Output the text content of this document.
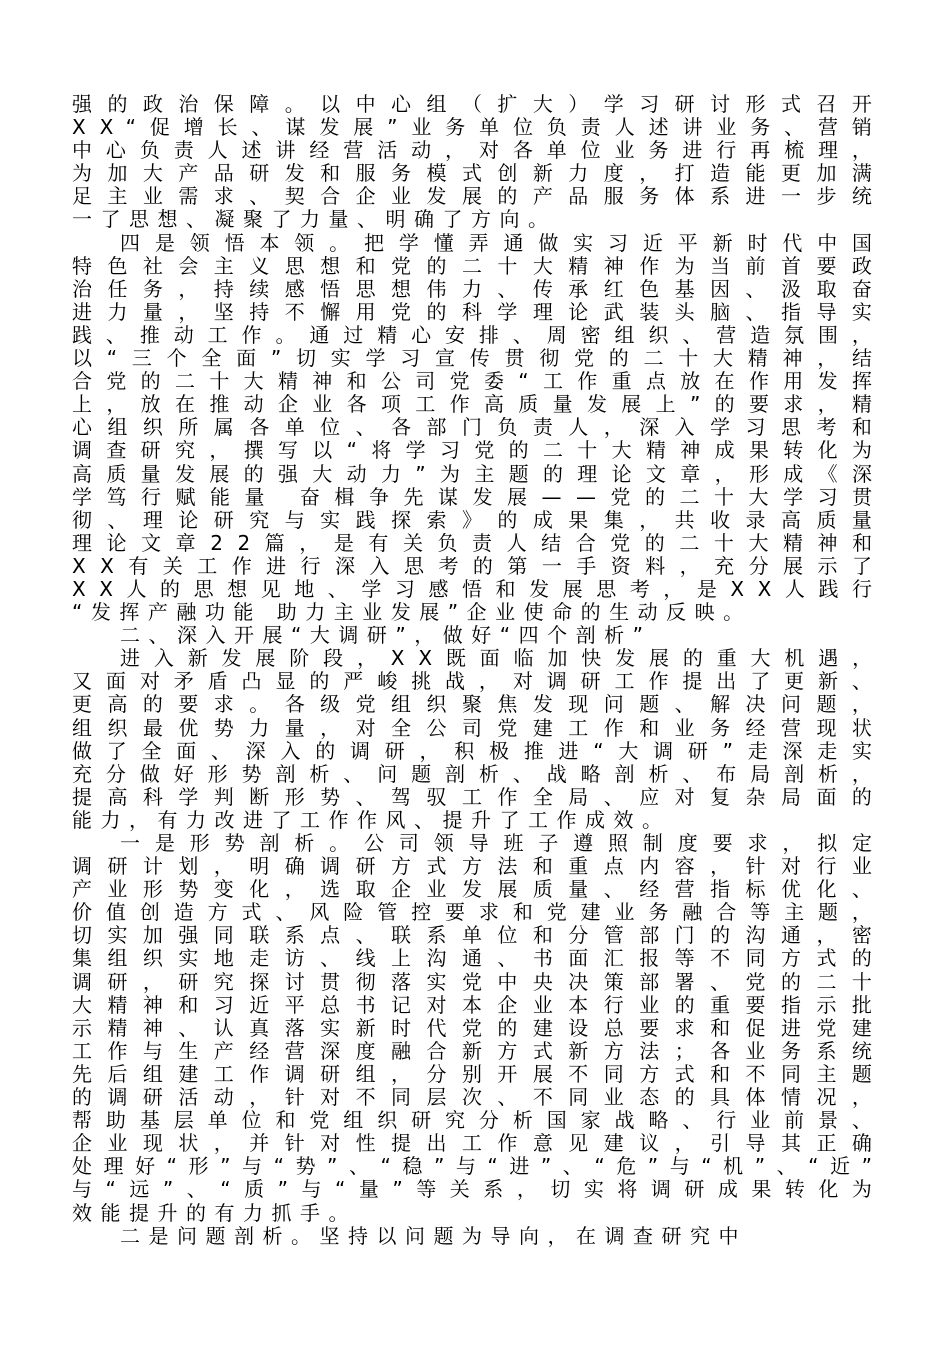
强的政治保障。以中心组（扩大）学习研讨形式召开
XX“促增长、谋发展”业务单位负责人述讲业务、营销
中心负责人述讲经营活动，对各单位业务进行再梳理，
为加大产品研发和服务模式创新力度，打造能更加满
足主业需求、契合企业发展的产品服务体系进一步统
一了思想、凝聚了力量、明确了方向。
四是领悟本领。把学懂弄通做实习近平新时代中国
特色社会主义思想和党的二十大精神作为当前首要政
治任务，持续感悟思想伟力、传承红色基因、汲取奋
进力量，坚持不懈用党的科学理论武装头脑、指导实
践、推动工作。通过精心安排、周密组织、营造氛围，
以“三个全面”切实学习宣传贯彻党的二十大精神，结
合党的二十大精神和公司党委“工作重点放在作用发挥
上，放在推动企业各项工作高质量发展上”的要求，精
心组织所属各单位、各部门负责人，深入学习思考和
调查研究，撰写以“将学习党的二十大精神成果转化为
高质量发展的强大动力”为主题的理论文章，形成《深
学笃行赋能量 奋楫争先谋发展——党的二十大学习贯
彻、理论研究与实践探索》的成果集，共收录高质量
理论文章22篇，是有关负责人结合党的二十大精神和
XX有关工作进行深入思考的第一手资料，充分展示了
XX人的思想见地、学习感悟和发展思考，是XX人践行
“发挥产融功能 助力主业发展”企业使命的生动反映。
二、深入开展“大调研”，做好“四个剖析”
进入新发展阶段，XX既面临加快发展的重大机遇，
又面对矛盾凸显的严峻挑战，对调研工作提出了更新、
更高的要求。各级党组织聚焦发现问题、解决问题，
组织最优势力量，对全公司党建工作和业务经营现状
做了全面、深入的调研，积极推进“大调研”走深走实
充分做好形势剖析、问题剖析、战略剖析、布局剖析，
提高科学判断形势、驾驭工作全局、应对复杂局面的
能力，有力改进了工作作风、提升了工作成效。
一是形势剖析。公司领导班子遵照制度要求，拟定
调研计划，明确调研方式方法和重点内容，针对行业
产业形势变化，选取企业发展质量、经营指标优化、
价值创造方式、风险管控要求和党建业务融合等主题，
切实加强同联系点、联系单位和分管部门的沟通，密
集组织实地走访、线上沟通、书面汇报等不同方式的
调研，研究探讨贯彻落实党中央决策部署、党的二十
大精神和习近平总书记对本企业本行业的重要指示批
示精神、认真落实新时代党的建设总要求和促进党建
工作与生产经营深度融合新方式新方法；各业务系统
先后组建工作调研组，分别开展不同方式和不同主题
的调研活动，针对不同层次、不同业态的具体情况，
帮助基层单位和党组织研究分析国家战略、行业前景、
企业现状，并针对性提出工作意见建议，引导其正确
处理好“形”与“势”、“稳”与“进”、“危”与“机”、“近”
与“远”、“质”与“量”等关系，切实将调研成果转化为
效能提升的有力抓手。
二是问题剖析。坚持以问题为导向，在调查研究中
